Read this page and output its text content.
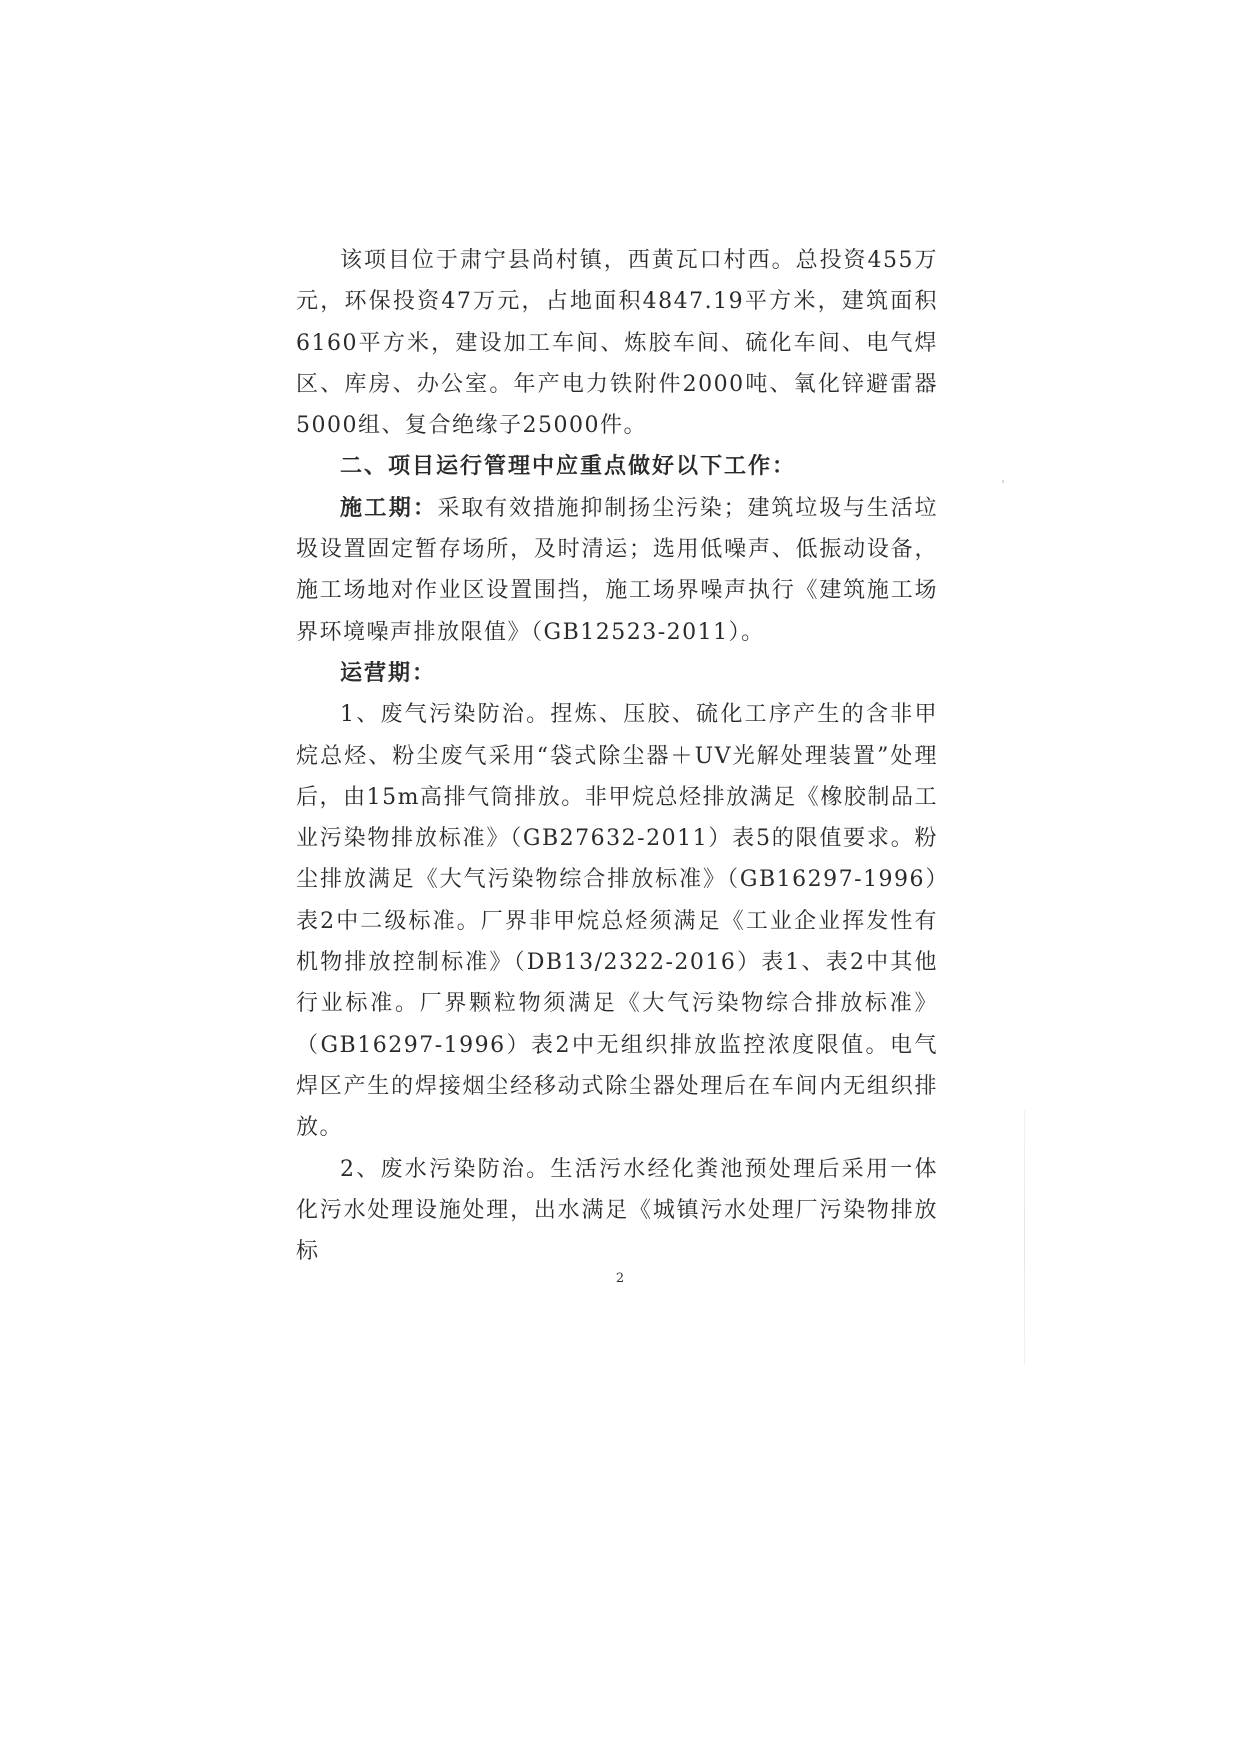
该项目位于肃宁县尚村镇，西黄瓦口村西。总投资455万元，环保投资47万元，占地面积4847.19平方米，建筑面积6160平方米，建设加工车间、炼胶车间、硫化车间、电气焊区、库房、办公室。年产电力铁附件2000吨、氧化锌避雷器5000组、复合绝缘子25000件。

二、项目运行管理中应重点做好以下工作：

施工期：采取有效措施抑制扬尘污染；建筑垃圾与生活垃圾设置固定暂存场所，及时清运；选用低噪声、低振动设备，施工场地对作业区设置围挡，施工场界噪声执行《建筑施工场界环境噪声排放限值》（GB12523-2011）。

运营期：

1、废气污染防治。捏炼、压胶、硫化工序产生的含非甲烷总烃、粉尘废气采用“袋式除尘器＋UV光解处理装置”处理后，由15m高排气筒排放。非甲烷总烃排放满足《橡胶制品工业污染物排放标准》（GB27632-2011）表5的限值要求。粉尘排放满足《大气污染物综合排放标准》（GB16297-1996）表2中二级标准。厂界非甲烷总烃须满足《工业企业挥发性有机物排放控制标准》（DB13/2322-2016）表1、表2中其他行业标准。厂界颗粒物须满足《大气污染物综合排放标准》（GB16297-1996）表2中无组织排放监控浓度限值。电气焊区产生的焊接烟尘经移动式除尘器处理后在车间内无组织排放。

2、废水污染防治。生活污水经化粪池预处理后采用一体化污水处理设施处理，出水满足《城镇污水处理厂污染物排放标

2
